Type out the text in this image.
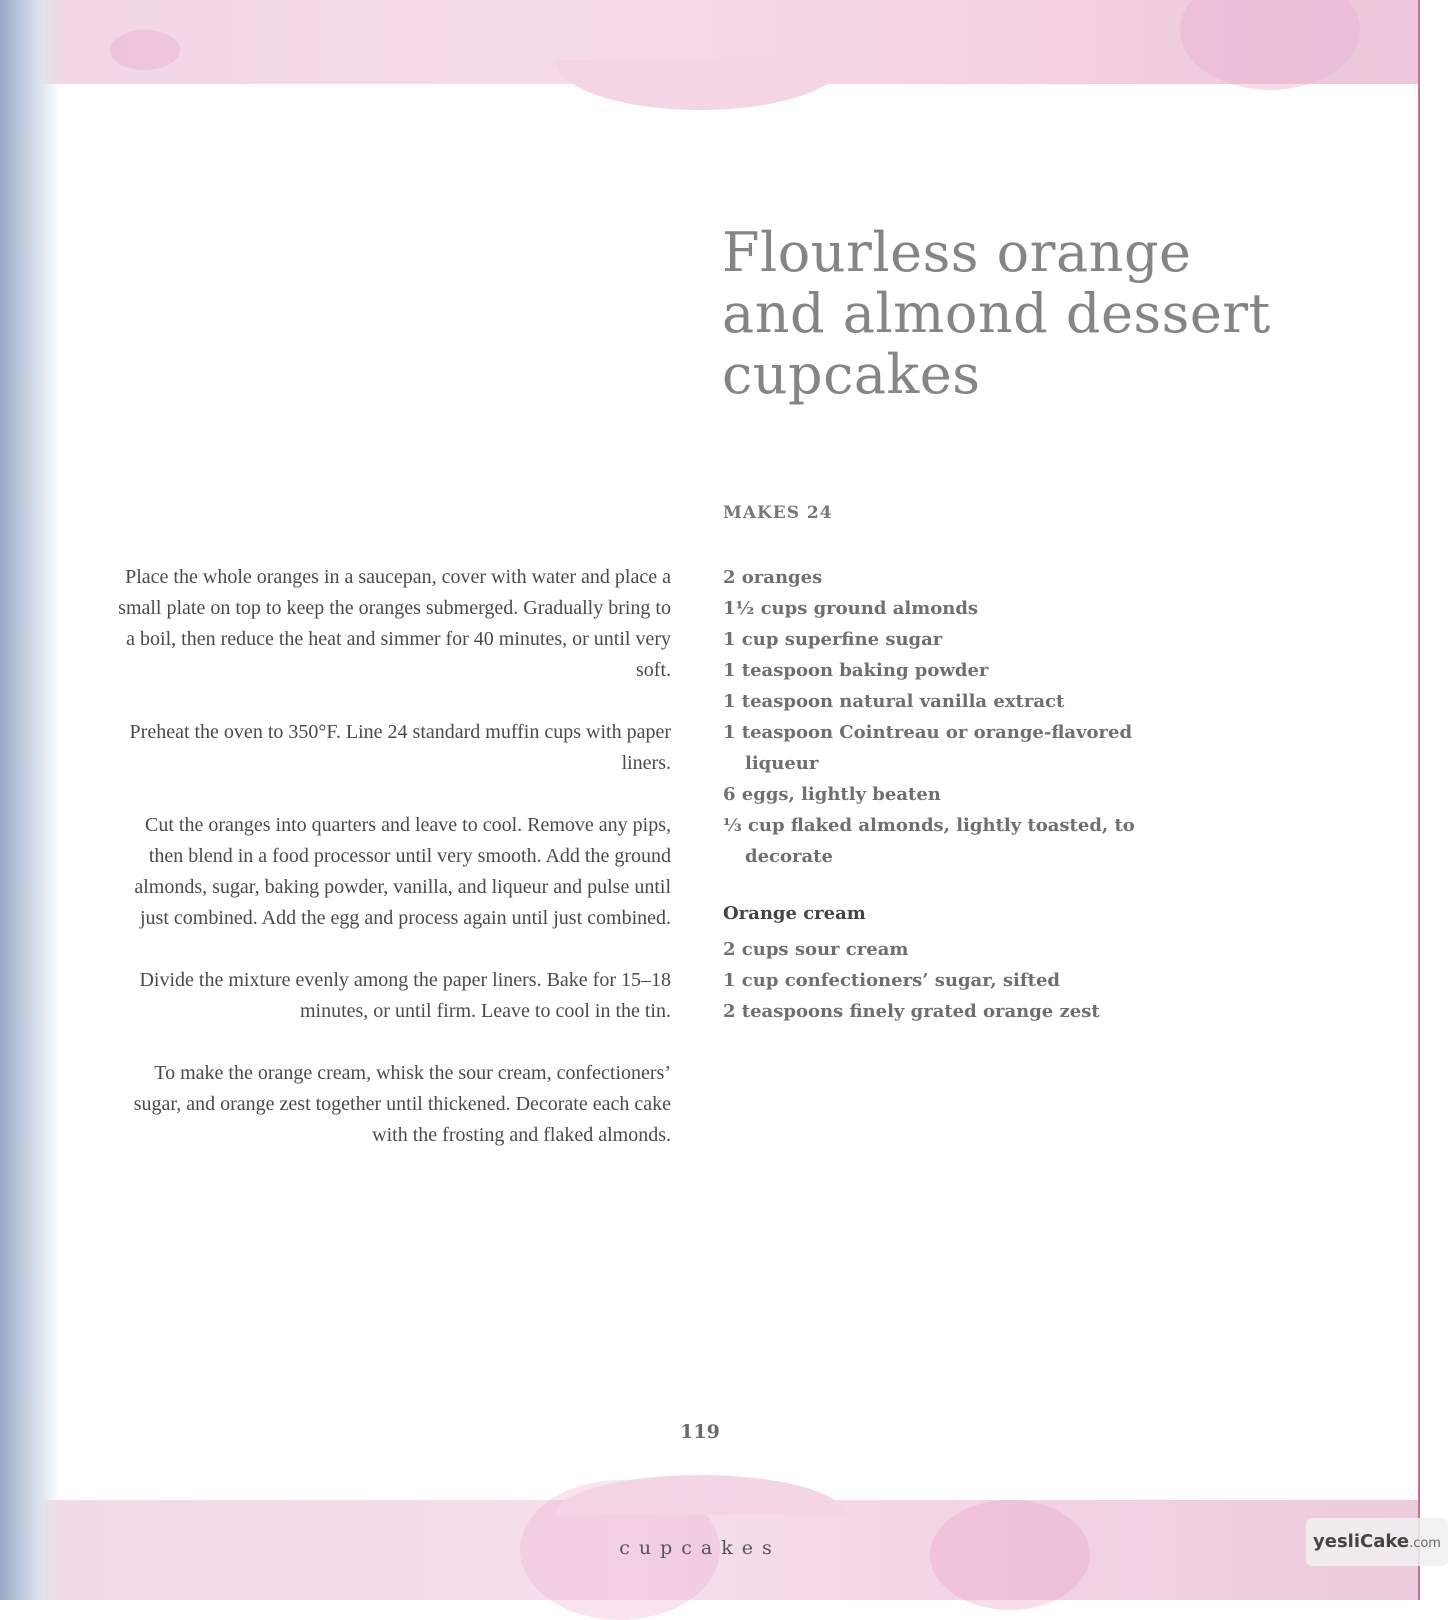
Flourless orange and almond dessert cupcakes
MAKES 24
2 oranges
1½ cups ground almonds
1 cup superfine sugar
1 teaspoon baking powder
1 teaspoon natural vanilla extract
1 teaspoon Cointreau or orange-flavored liqueur
6 eggs, lightly beaten
⅓ cup flaked almonds, lightly toasted, to decorate
Orange cream
2 cups sour cream
1 cup confectioners’ sugar, sifted
2 teaspoons finely grated orange zest

Place the whole oranges in a saucepan, cover with water and place a small plate on top to keep the oranges submerged. Gradually bring to a boil, then reduce the heat and simmer for 40 minutes, or until very soft.

Preheat the oven to 350°F. Line 24 standard muffin cups with paper liners.

Cut the oranges into quarters and leave to cool. Remove any pips, then blend in a food processor until very smooth. Add the ground almonds, sugar, baking powder, vanilla, and liqueur and pulse until just combined. Add the egg and process again until just combined.

Divide the mixture evenly among the paper liners. Bake for 15–18 minutes, or until firm. Leave to cool in the tin.

To make the orange cream, whisk the sour cream, confectioners’ sugar, and orange zest together until thickened. Decorate each cake with the frosting and flaked almonds.

119
cupcakes	yesliCake.com
